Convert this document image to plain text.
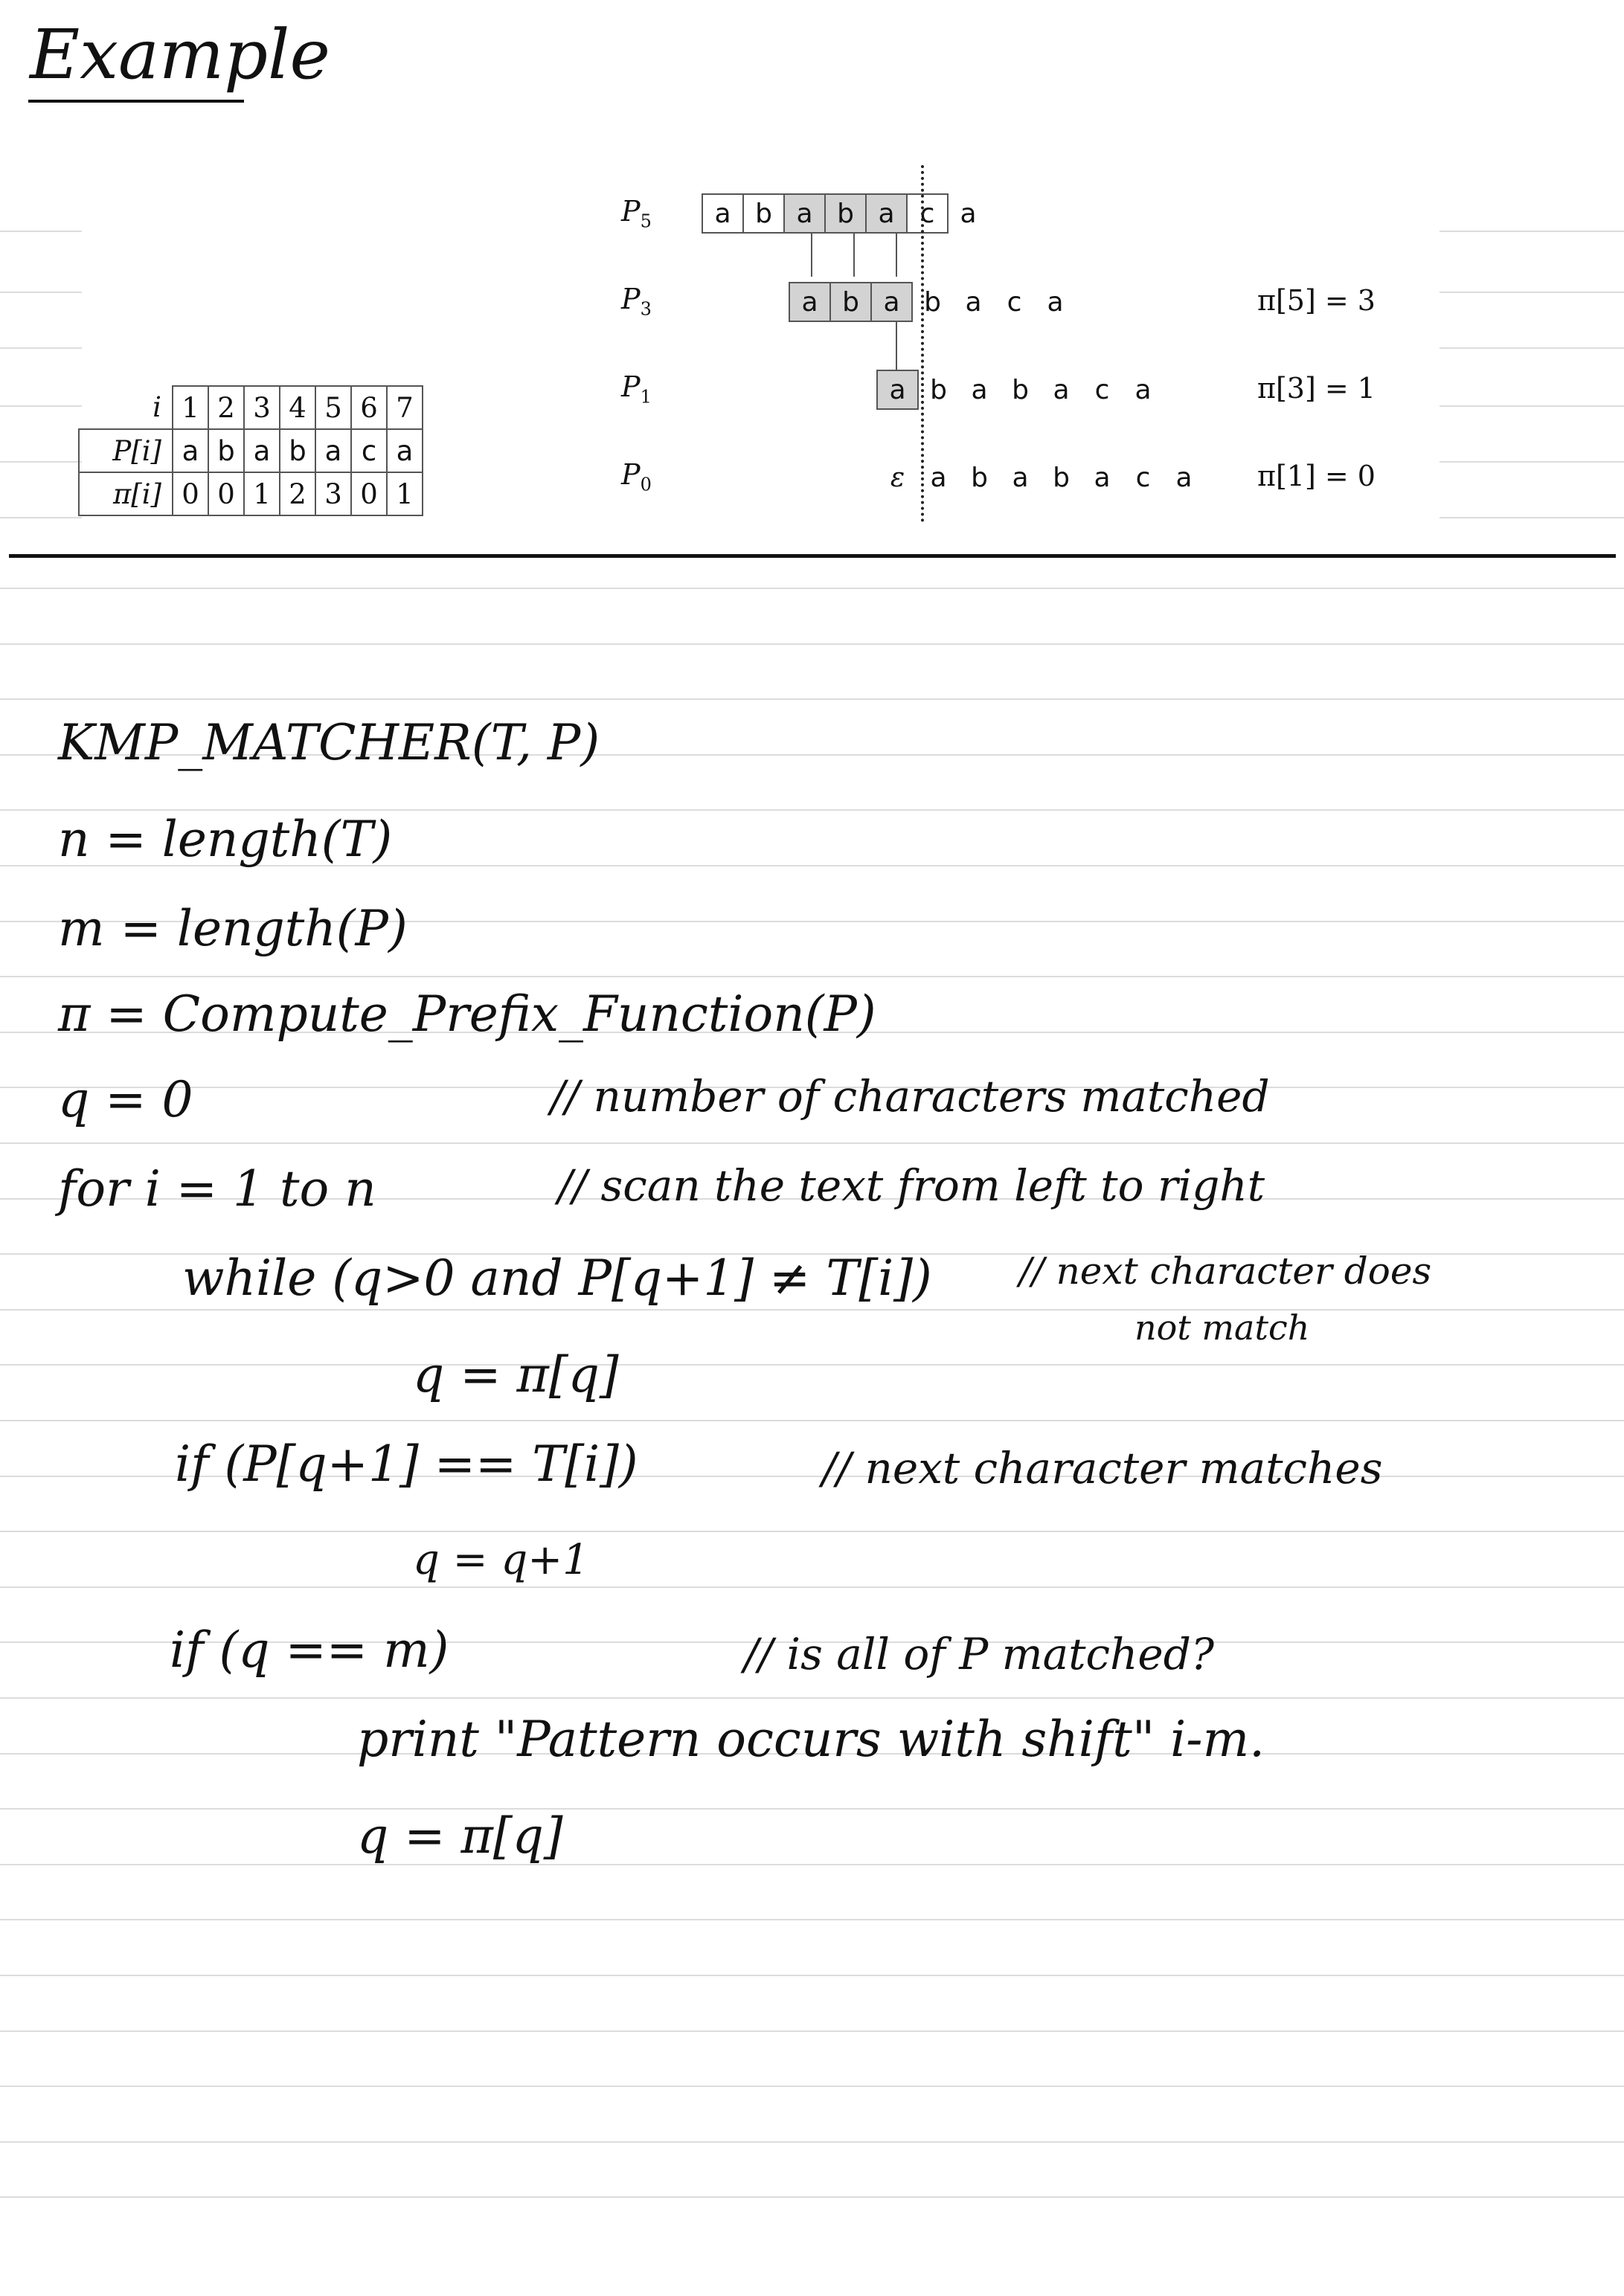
Example
i	1	2	3	4	5	6	7
P[i]	a	b	a	b	a	c	a
π[i]	0	0	1	2	3	0	1
$P_5$
$P_3$
$P_1$
$P_0$
a b a b a c a
a b a b a c a
a b a b a c a
ε a b a b a c a
π[5] = 3
π[3] = 1
π[1] = 0
KMP_MATCHER(T, P)
n = length(T)
m = length(P)
π = Compute_Prefix_Function(P)
q = 0
for i = 1 to n
while (q>0 and P[q+1] ≠ T[i])
q = π[q]
if (P[q+1] == T[i])
q = q+1
if (q == m)
print "Pattern occurs with shift" i-m.
q = π[q]
// number of characters matched
// scan the text from left to right
// next character does
not match
// next character matches
// is all of P matched?
